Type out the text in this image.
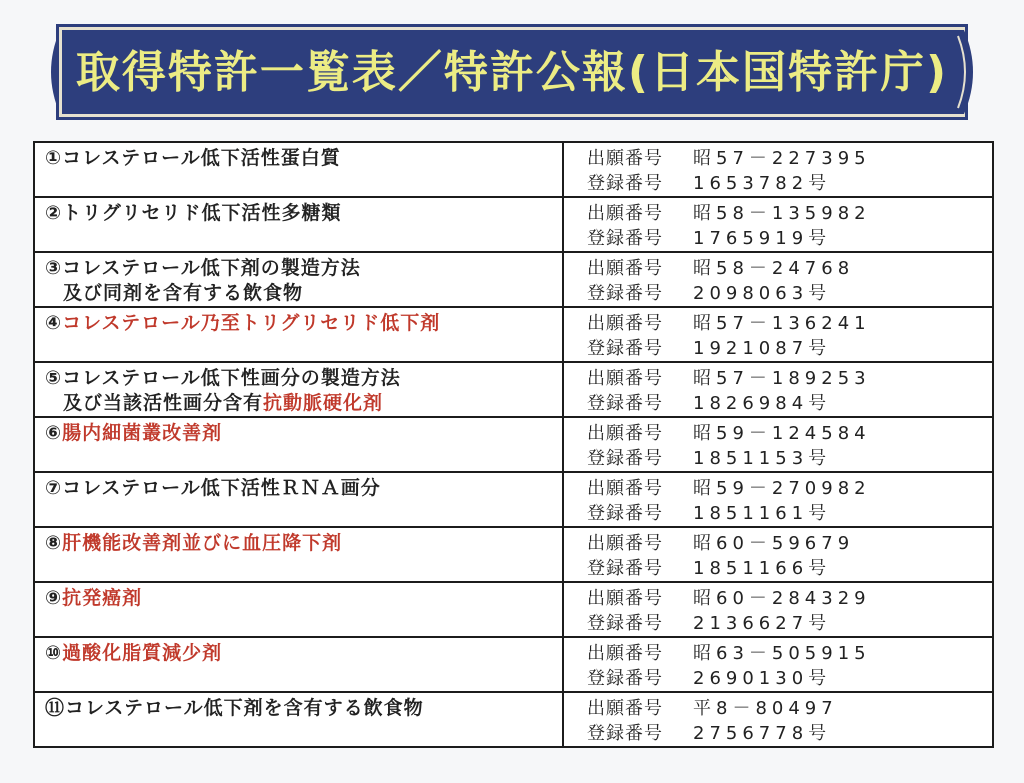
取得特許一覧表／特許公報(日本国特許庁)
①コレステロール低下活性蛋白質	出願番号 昭57－227395
登録番号 1653782号

②トリグリセリド低下活性多糖類	出願番号 昭58－135982
登録番号 1765919号

③コレステロール低下剤の製造方法
及び同剤を含有する飲食物	出願番号 昭58－24768
登録番号 2098063号

④コレステロール乃至トリグリセリド低下剤	出願番号 昭57－136241
登録番号 1921087号

⑤コレステロール低下性画分の製造方法
及び当該活性画分含有抗動脈硬化剤	出願番号 昭57－189253
登録番号 1826984号

⑥腸内細菌叢改善剤	出願番号 昭59－124584
登録番号 1851153号

⑦コレステロール低下活性ＲＮＡ画分	出願番号 昭59－270982
登録番号 1851161号

⑧肝機能改善剤並びに血圧降下剤	出願番号 昭60－59679
登録番号 1851166号

⑨抗発癌剤	出願番号 昭60－284329
登録番号 2136627号

⑩過酸化脂質減少剤	出願番号 昭63－505915
登録番号 2690130号

⑪コレステロール低下剤を含有する飲食物	出願番号 平8－80497
登録番号 2756778号
